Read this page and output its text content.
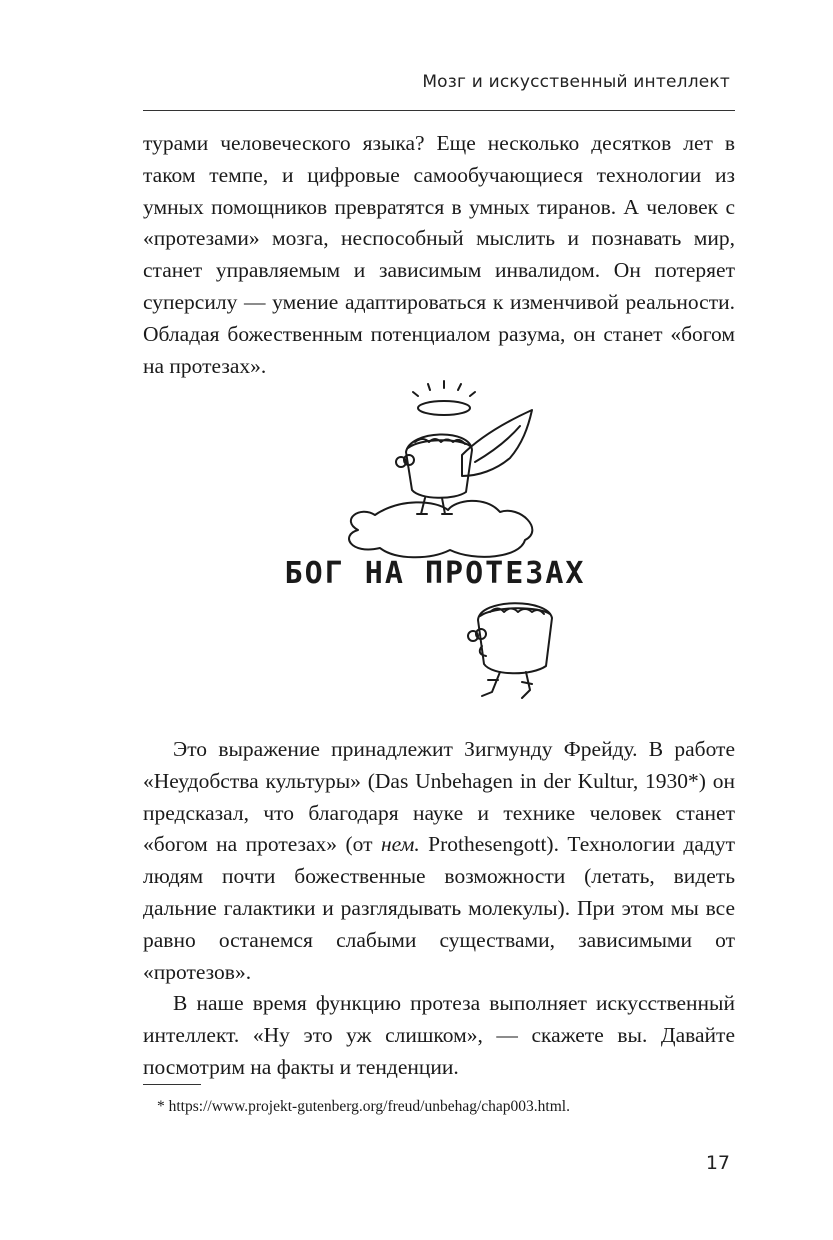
Мозг и искусственный интеллект

турами человеческого языка? Еще несколько десятков лет в таком темпе, и цифровые самообучающиеся технологии из умных помощников превратятся в умных тиранов. А человек с «протезами» мозга, неспособный мыслить и познавать мир, станет управляемым и зависимым инвалидом. Он потеряет суперсилу — умение адаптироваться к изменчивой реальности. Обладая божественным потенциалом разума, он станет «богом на протезах».

БОГ НА ПРОТЕЗАХ

Это выражение принадлежит Зигмунду Фрейду. В работе «Неудобства культуры» (Das Unbehagen in der Kultur, 1930*) он предсказал, что благодаря науке и технике человек станет «богом на протезах» (от нем. Prothesengott). Технологии дадут людям почти божественные возможности (летать, видеть дальние галактики и разглядывать молекулы). При этом мы все равно останемся слабыми существами, зависимыми от «протезов».

В наше время функцию протеза выполняет искусственный интеллект. «Ну это уж слишком», — скажете вы. Давайте посмотрим на факты и тенденции.

* https://www.projekt-gutenberg.org/freud/unbehag/chap003.html.
17
